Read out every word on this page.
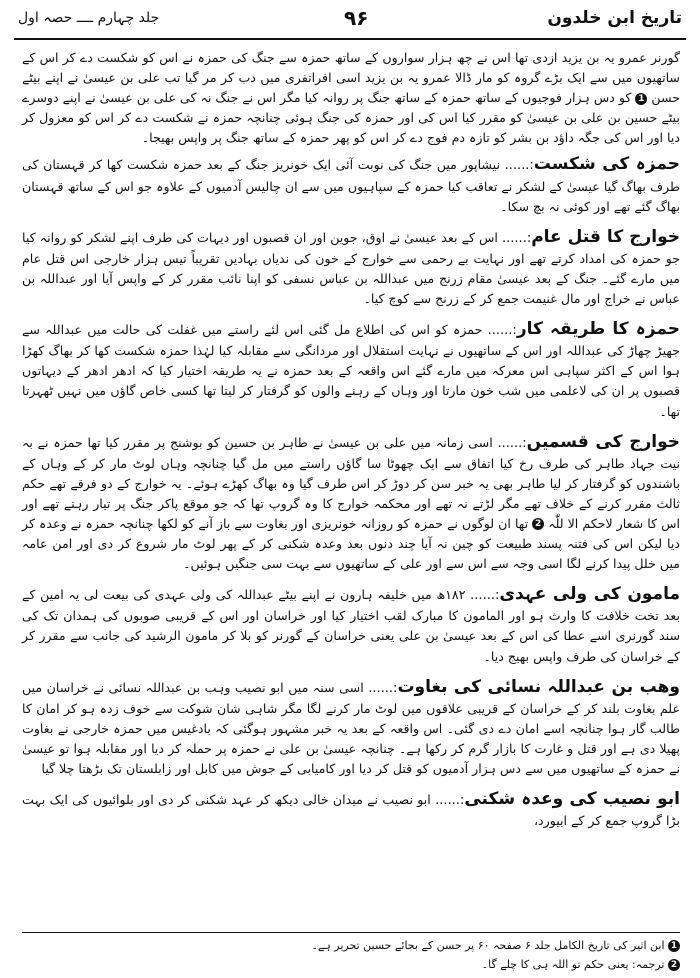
تاریخ ابن خلدون
۹۶
جلد چہارم ــــ حصہ اول

گورنر عمرو یہ بن یزید ازدی تھا اس نے چھ ہزار سواروں کے ساتھ حمزہ سے جنگ کی حمزہ نے اس کو شکست دے کر اس کے ساتھیوں میں سے ایک بڑے گروہ کو مار ڈالا عمرو یہ بن یزید اسی افراتفری میں دب کر مر گیا تب علی بن عیسیٰ نے اپنے بیٹے حسن 1 کو دس ہزار فوجیوں کے ساتھ حمزہ کے ساتھ جنگ پر روانہ کیا مگر اس نے جنگ نہ کی علی بن عیسیٰ نے اپنے دوسرے بیٹے حسین بن علی بن عیسیٰ کو مقرر کیا اس کی اور حمزہ کی جنگ ہوئی چنانچہ حمزہ نے شکست دے کر اس کو معزول کر دیا اور اس کی جگہ داؤد بن بشر کو تازہ دم فوج دے کر اس کو پھر حمزہ کے ساتھ جنگ پر واپس بھیجا۔

حمزہ کی شکست:...... نیشاپور میں جنگ کی نوبت آئی ایک خونریز جنگ کے بعد حمزہ شکست کھا کر قہستان کی طرف بھاگ گیا عیسیٰ کے لشکر نے تعاقب کیا حمزہ کے سپاہیوں میں سے ان چالیس آدمیوں کے علاوہ جو اس کے ساتھ قہستان بھاگ گئے تھے اور کوئی نہ بچ سکا۔

خوارج کا قتل عام:...... اس کے بعد عیسیٰ نے اوق، جوین اور ان قصبوں اور دیہات کی طرف اپنے لشکر کو روانہ کیا جو حمزہ کی امداد کرتے تھے اور نہایت بے رحمی سے خوارج کے خون کی ندیاں بہادیں تقریباً تیس ہزار خارجی اس قتل عام میں مارے گئے۔ جنگ کے بعد عیسیٰ مقام زرنج میں عبداللہ بن عباس نسفی کو اپنا نائب مقرر کر کے واپس آیا اور عبداللہ بن عباس نے خراج اور مال غنیمت جمع کر کے زرنج سے کوچ کیا۔

حمزہ کا طریقہ کار:...... حمزہ کو اس کی اطلاع مل گئی اس لئے راستے میں غفلت کی حالت میں عبداللہ سے جھیڑ چھاڑ کی عبداللہ اور اس کے ساتھیوں نے نہایت استقلال اور مردانگی سے مقابلہ کیا لہٰذا حمزہ شکست کھا کر بھاگ کھڑا ہوا اس کے اکثر سپاہی اس معرکہ میں مارے گئے اس واقعہ کے بعد حمزہ نے یہ طریقہ اختیار کیا کہ ادھر ادھر کے دیہاتوں قصبوں پر ان کی لاعلمی میں شب خون مارتا اور وہاں کے رہنے والوں کو گرفتار کر لیتا تھا کسی خاص گاؤں میں نہیں ٹھہرتا تھا۔

خوارج کی قسمیں:...... اسی زمانہ میں علی بن عیسیٰ نے طاہر بن حسین کو بوشنج پر مقرر کیا تھا حمزہ نے بہ نیت جہاد طاہر کی طرف رخ کیا اتفاق سے ایک چھوٹا سا گاؤں راستے میں مل گیا چنانچہ وہاں لوٹ مار کر کے وہاں کے باشندوں کو گرفتار کر لیا طاہر بھی یہ خبر سن کر دوڑ کر اس طرف گیا وہ بھاگ کھڑے ہوئے۔ یہ خوارج کے دو فرقے تھے حکم ثالث مقرر کرنے کے خلاف تھے مگر لڑتے نہ تھے اور محکمہ خوارج کا وہ گروپ تھا کہ جو موقع پاکر جنگ پر تیار رہتے تھے اور اس کا شعار لاحکم الا للّٰہ 2 تھا ان لوگوں نے حمزہ کو روزانہ خونریزی اور بغاوت سے باز آنے کو لکھا چنانچہ حمزہ نے وعدہ کر دیا لیکن اس کی فتنہ پسند طبیعت کو چین نہ آیا چند دنوں بعد وعدہ شکنی کر کے پھر لوٹ مار شروع کر دی اور امن عامہ میں خلل پیدا کرنے لگا اسی وجہ سے اس سے اور علی کے ساتھیوں سے بہت سی جنگیں ہوئیں۔

مامون کی ولی عہدی:...... ۱۸۲ھ میں خلیفہ ہارون نے اپنے بیٹے عبداللہ کی ولی عہدی کی بیعت لی یہ امین کے بعد تخت خلافت کا وارث ہو اور المامون کا مبارک لقب اختیار کیا اور خراسان اور اس کے قریبی صوبوں کی ہمدان تک کی سند گورنری اسے عطا کی اس کے بعد عیسیٰ بن علی یعنی خراسان کے گورنر کو بلا کر مامون الرشید کی جانب سے مقرر کر کے خراسان کی طرف واپس بھیج دیا۔

وھب بن عبداللہ نسائی کی بغاوت:...... اسی سنہ میں ابو نصیب وہب بن عبداللہ نسائی نے خراسان میں علم بغاوت بلند کر کے خراسان کے قریبی علاقوں میں لوٹ مار کرنے لگا مگر شاہی شان شوکت سے خوف زدہ ہو کر امان کا طالب گار ہوا چنانچہ اسے امان دے دی گئی۔ اس واقعہ کے بعد یہ خبر مشہور ہوگئی کہ بادغیس میں حمزہ خارجی نے بغاوت پھیلا دی ہے اور قتل و غارت کا بازار گرم کر رکھا ہے۔ چنانچہ عیسیٰ بن علی نے حمزہ پر حملہ کر دیا اور مقابلہ ہوا تو عیسیٰ نے حمزہ کے ساتھیوں میں سے دس ہزار آدمیوں کو قتل کر دیا اور کامیابی کے جوش میں کابل اور زابلستان تک بڑھتا چلا گیا

ابو نصیب کی وعدہ شکنی:...... ابو نصیب نے میدان خالی دیکھ کر عہد شکنی کر دی اور بلوائیوں کی ایک بہت بڑا گروپ جمع کر کے ابیورد،

1 ابن اثیر کی تاریخ الکامل جلد ۶ صفحہ ۶۰ پر حسن کے بجائے حسین تحریر ہے۔
2 ترجمہ: یعنی حکم تو اللہ ہی کا چلے گا۔
